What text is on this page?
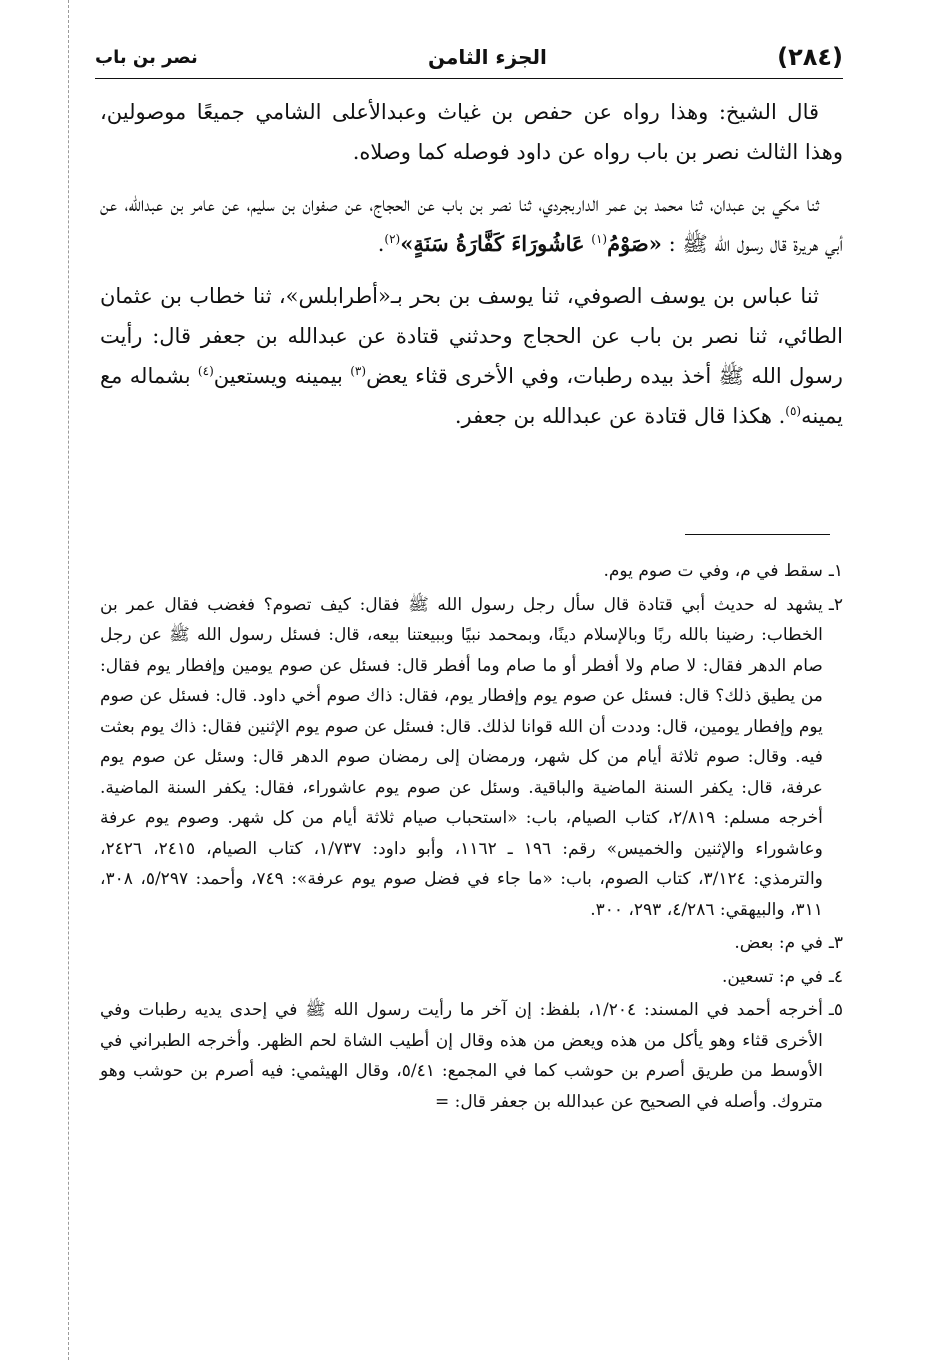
(٢٨٤)
الجزء الثامن
نصر بن باب

قال الشيخ: وهذا رواه عن حفص بن غياث وعبدالأعلى الشامي جميعًا موصولين، وهذا الثالث نصر بن باب رواه عن داود فوصله كما وصلاه.

ثنا مكي بن عبدان، ثنا محمد بن عمر الداربجردي، ثنا نصر بن باب عن الحجاج، عن صفوان بن سليم، عن عامر بن عبدالله، عن أبي هريرة قال رسول الله ﷺ : «صَوْمُ$^{(١)}$ عَاشُورَاءَ كَفَّارَةُ سَنَةٍ»$^{(٢)}$.

ثنا عباس بن يوسف الصوفي، ثنا يوسف بن بحر بـ«أطرابلس»، ثنا خطاب بن عثمان الطائي، ثنا نصر بن باب عن الحجاج وحدثني قتادة عن عبدالله بن جعفر قال: رأيت رسول الله ﷺ أخذ بيده رطبات، وفي الأخرى قثاء يعض$^{(٣)}$ بيمينه ويستعين$^{(٤)}$ بشماله مع يمينه$^{(٥)}$. هكذا قال قتادة عن عبدالله بن جعفر.

١ـ
سقط في م، وفي ت صوم يوم.
٢ـ
يشهد له حديث أبي قتادة قال سأل رجل رسول الله ﷺ فقال: كيف تصوم؟ فغضب فقال عمر بن الخطاب: رضينا بالله ربًا وبالإسلام دينًا، وبمحمد نبيًا وببيعتنا بيعه، قال: فسئل رسول الله ﷺ عن رجل صام الدهر فقال: لا صام ولا أفطر أو ما صام وما أفطر قال: فسئل عن صوم يومين وإفطار يوم فقال: من يطيق ذلك؟ قال: فسئل عن صوم يوم وإفطار يوم، فقال: ذاك صوم أخي داود. قال: فسئل عن صوم يوم وإفطار يومين، قال: وددت أن الله قوانا لذلك. قال: فسئل عن صوم يوم الإثنين فقال: ذاك يوم بعثت فيه. وقال: صوم ثلاثة أيام من كل شهر، ورمضان إلى رمضان صوم الدهر قال: وسئل عن صوم يوم عرفة، قال: يكفر السنة الماضية والباقية. وسئل عن صوم يوم عاشوراء، فقال: يكفر السنة الماضية. أخرجه مسلم: ٢/٨١٩، كتاب الصيام، باب: «استحباب صيام ثلاثة أيام من كل شهر. وصوم يوم عرفة وعاشوراء والإثنين والخميس» رقم: ١٩٦ ـ ١١٦٢، وأبو داود: ١/٧٣٧، كتاب الصيام، ٢٤١٥، ٢٤٢٦، والترمذي: ٣/١٢٤، كتاب الصوم، باب: «ما جاء في فضل صوم يوم عرفة»: ٧٤٩، وأحمد: ٥/٢٩٧، ٣٠٨، ٣١١، والبيهقي: ٤/٢٨٦، ٢٩٣، ٣٠٠.
٣ـ
في م: بعض.
٤ـ
في م: تسعين.
٥ـ
أخرجه أحمد في المسند: ١/٢٠٤، بلفظ: إن آخر ما رأيت رسول الله ﷺ في إحدى يديه رطبات وفي الأخرى قثاء وهو يأكل من هذه ويعض من هذه وقال إن أطيب الشاة لحم الظهر. وأخرجه الطبراني في الأوسط من طريق أصرم بن حوشب كما في المجمع: ٥/٤١، وقال الهيثمي: فيه أصرم بن حوشب وهو متروك. وأصله في الصحيح عن عبدالله بن جعفر قال: =
